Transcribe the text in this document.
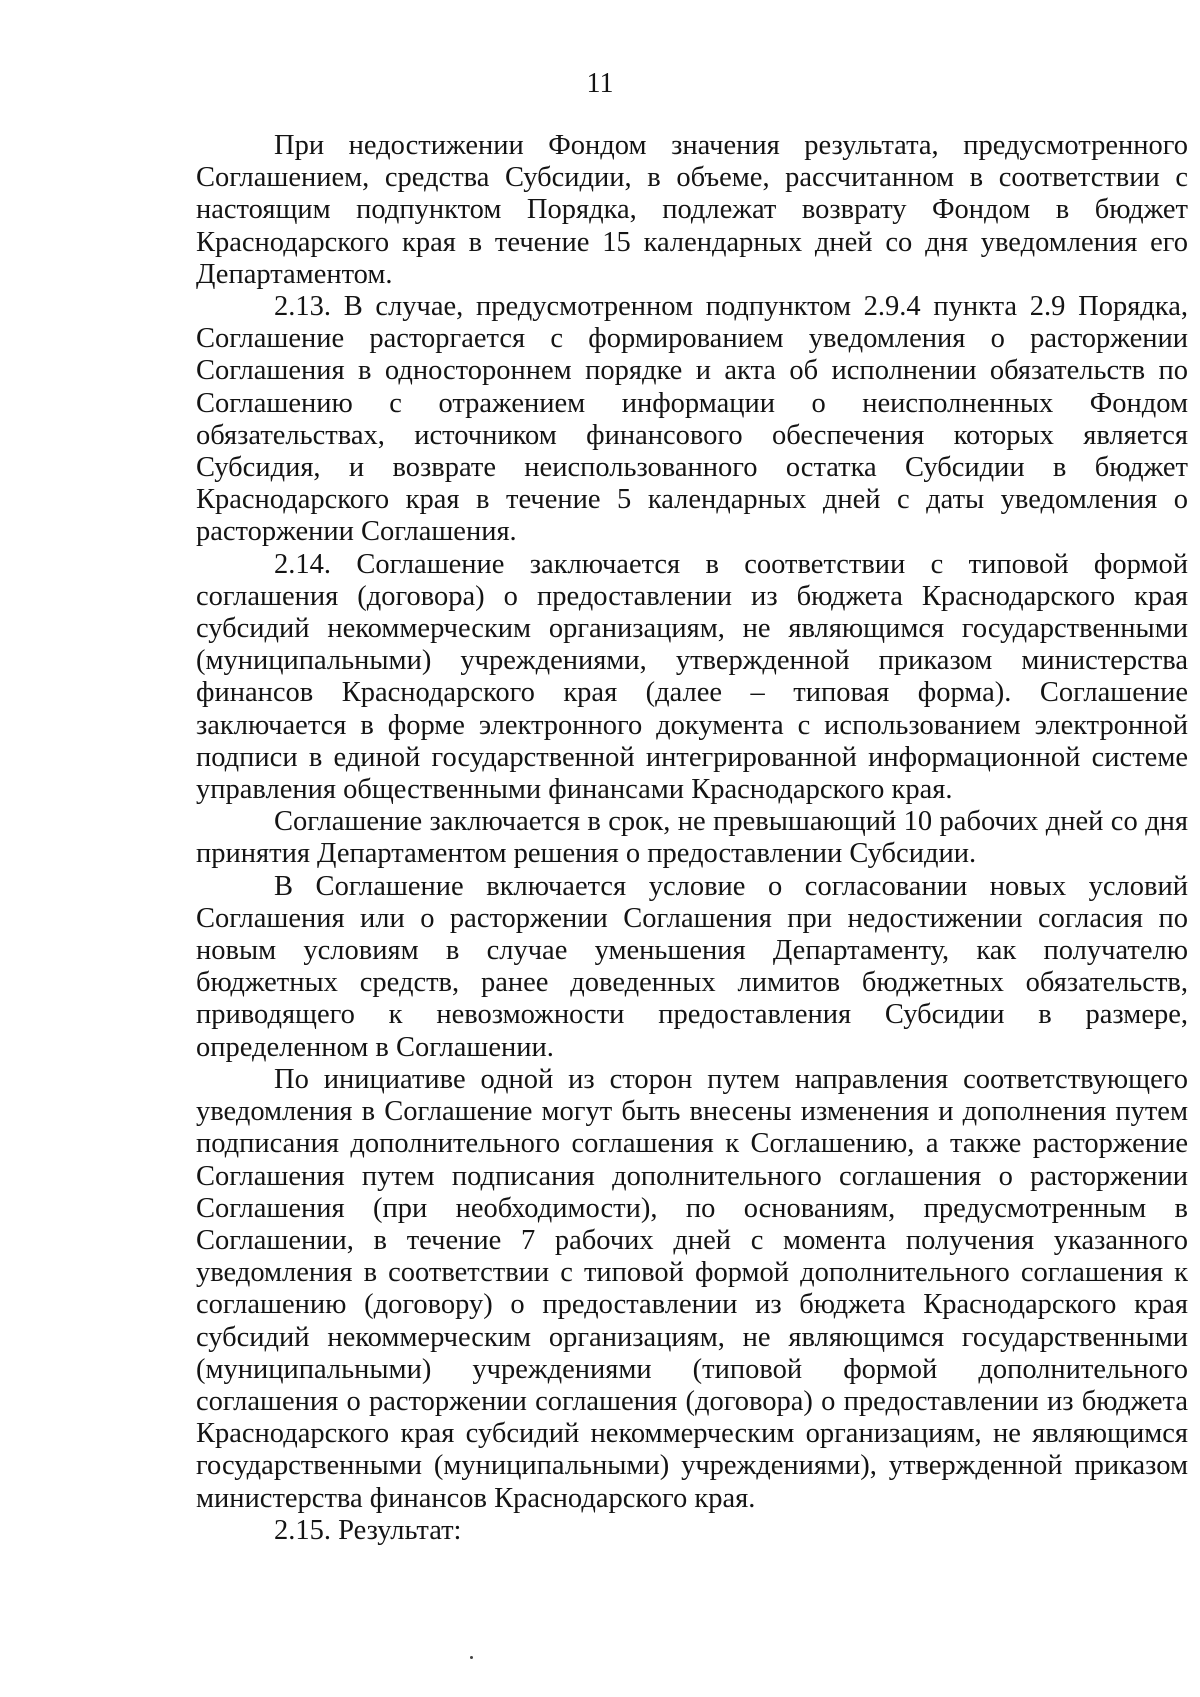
11

При недостижении Фондом значения результата, предусмотренного Соглашением, средства Субсидии, в объеме, рассчитанном в соответствии с настоящим подпунктом Порядка, подлежат возврату Фондом в бюджет Краснодарского края в течение 15 календарных дней со дня уведомления его Департаментом.

2.13. В случае, предусмотренном подпунктом 2.9.4 пункта 2.9 Порядка, Соглашение расторгается с формированием уведомления о расторжении Соглашения в одностороннем порядке и акта об исполнении обязательств по Соглашению с отражением информации о неисполненных Фондом обязательствах, источником финансового обеспечения которых является Субсидия, и возврате неиспользованного остатка Субсидии в бюджет Краснодарского края в течение 5 календарных дней с даты уведомления о расторжении Соглашения.

2.14. Соглашение заключается в соответствии с типовой формой соглашения (договора) о предоставлении из бюджета Краснодарского края субсидий некоммерческим организациям, не являющимся государственными (муниципальными) учреждениями, утвержденной приказом министерства финансов Краснодарского края (далее – типовая форма). Соглашение заключается в форме электронного документа с использованием электронной подписи в единой государственной интегрированной информационной системе управления общественными финансами Краснодарского края.

Соглашение заключается в срок, не превышающий 10 рабочих дней со дня принятия Департаментом решения о предоставлении Субсидии.

В Соглашение включается условие о согласовании новых условий Соглашения или о расторжении Соглашения при недостижении согласия по новым условиям в случае уменьшения Департаменту, как получателю бюджетных средств, ранее доведенных лимитов бюджетных обязательств, приводящего к невозможности предоставления Субсидии в размере, определенном в Соглашении.

По инициативе одной из сторон путем направления соответствующего уведомления в Соглашение могут быть внесены изменения и дополнения путем подписания дополнительного соглашения к Соглашению, а также расторжение Соглашения путем подписания дополнительного соглашения о расторжении Соглашения (при необходимости), по основаниям, предусмотренным в Соглашении, в течение 7 рабочих дней с момента получения указанного уведомления в соответствии с типовой формой дополнительного соглашения к соглашению (договору) о предоставлении из бюджета Краснодарского края субсидий некоммерческим организациям, не являющимся государственными (муниципальными) учреждениями (типовой формой дополнительного соглашения о расторжении соглашения (договора) о предоставлении из бюджета Краснодарского края субсидий некоммерческим организациям, не являющимся государственными (муниципальными) учреждениями), утвержденной приказом министерства финансов Краснодарского края.

2.15. Результат:
